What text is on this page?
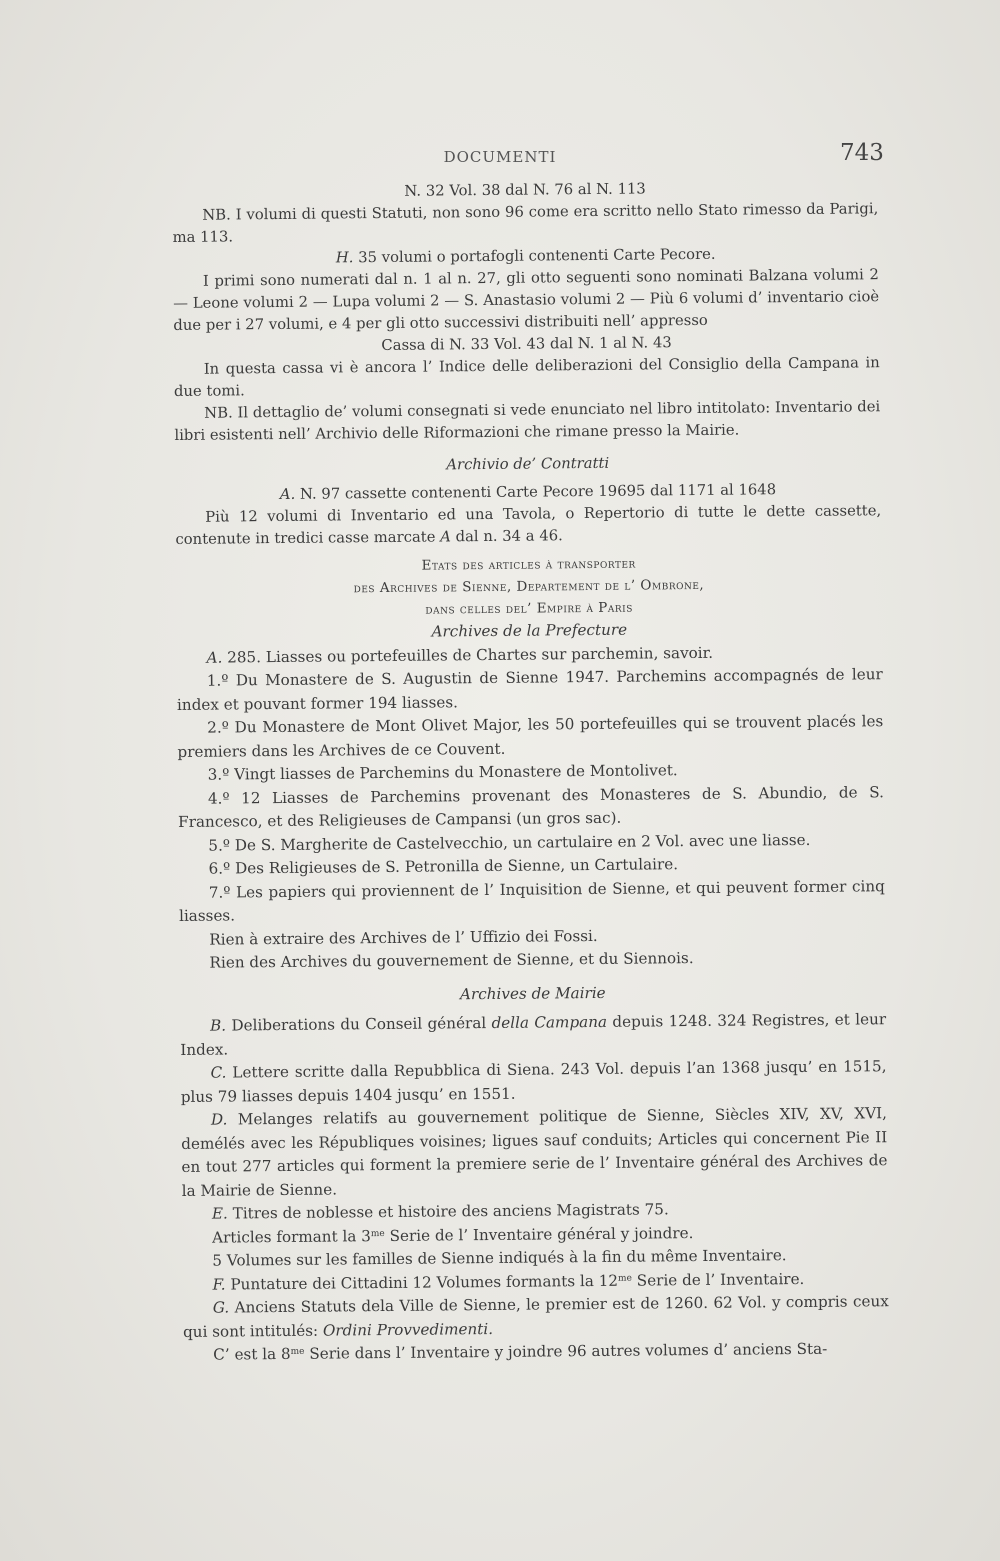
DOCUMENTI	743

N. 32 Vol. 38 dal N. 76 al N. 113

NB. I volumi di questi Statuti, non sono 96 come era scritto nello Stato rimesso da Parigi, ma 113.

H. 35 volumi o portafogli contenenti Carte Pecore.

I primi sono numerati dal n. 1 al n. 27, gli otto seguenti sono nominati Balzana volumi 2 — Leone volumi 2 — Lupa volumi 2 — S. Anastasio volumi 2 — Più 6 volumi d’ inventario cioè due per i 27 volumi, e 4 per gli otto successivi distribuiti nell’ appresso

Cassa di N. 33 Vol. 43 dal N. 1 al N. 43

In questa cassa vi è ancora l’ Indice delle deliberazioni del Consiglio della Campana in due tomi.

NB. Il dettaglio de’ volumi consegnati si vede enunciato nel libro intitolato: Inventario dei libri esistenti nell’ Archivio delle Riformazioni che rimane presso la Mairie.

Archivio de’ Contratti

A. N. 97 cassette contenenti Carte Pecore 19695 dal 1171 al 1648

Più 12 volumi di Inventario ed una Tavola, o Repertorio di tutte le dette cassette, contenute in tredici casse marcate A dal n. 34 a 46.

Etats des articles à transporter

des Archives de Sienne, Departement de l’ Ombrone,

dans celles del’ Empire à Paris

Archives de la Prefecture

A. 285. Liasses ou portefeuilles de Chartes sur parchemin, savoir.

1.º Du Monastere de S. Augustin de Sienne 1947. Parchemins accompagnés de leur index et pouvant former 194 liasses.

2.º Du Monastere de Mont Olivet Major, les 50 portefeuilles qui se trouvent placés les premiers dans les Archives de ce Couvent.

3.º Vingt liasses de Parchemins du Monastere de Montolivet.

4.º 12 Liasses de Parchemins provenant des Monasteres de S. Abundio, de S. Francesco, et des Religieuses de Campansi (un gros sac).

5.º De S. Margherite de Castelvecchio, un cartulaire en 2 Vol. avec une liasse.

6.º Des Religieuses de S. Petronilla de Sienne, un Cartulaire.

7.º Les papiers qui proviennent de l’ Inquisition de Sienne, et qui peuvent former cinq liasses.

Rien à extraire des Archives de l’ Uffizio dei Fossi.

Rien des Archives du gouvernement de Sienne, et du Siennois.

Archives de Mairie

B. Deliberations du Conseil général della Campana depuis 1248. 324 Registres, et leur Index.

C. Lettere scritte dalla Repubblica di Siena. 243 Vol. depuis l’an 1368 jusqu’ en 1515, plus 79 liasses depuis 1404 jusqu’ en 1551.

D. Melanges relatifs au gouvernement politique de Sienne, Siècles XIV, XV, XVI, demélés avec les Républiques voisines; ligues sauf conduits; Articles qui concernent Pie II en tout 277 articles qui forment la premiere serie de l’ Inventaire général des Archives de la Mairie de Sienne.

E. Titres de noblesse et histoire des anciens Magistrats 75.

Articles formant la $3^{me}$ Serie de l’ Inventaire général y joindre.

5 Volumes sur les familles de Sienne indiqués à la fin du même Inventaire.

F. Puntature dei Cittadini 12 Volumes formants la $12^{me}$ Serie de l’ Inventaire.

G. Anciens Statuts dela Ville de Sienne, le premier est de 1260. 62 Vol. y compris ceux qui sont intitulés: Ordini Provvedimenti.

C’ est la $8^{me}$ Serie dans l’ Inventaire y joindre 96 autres volumes d’ anciens Sta-
